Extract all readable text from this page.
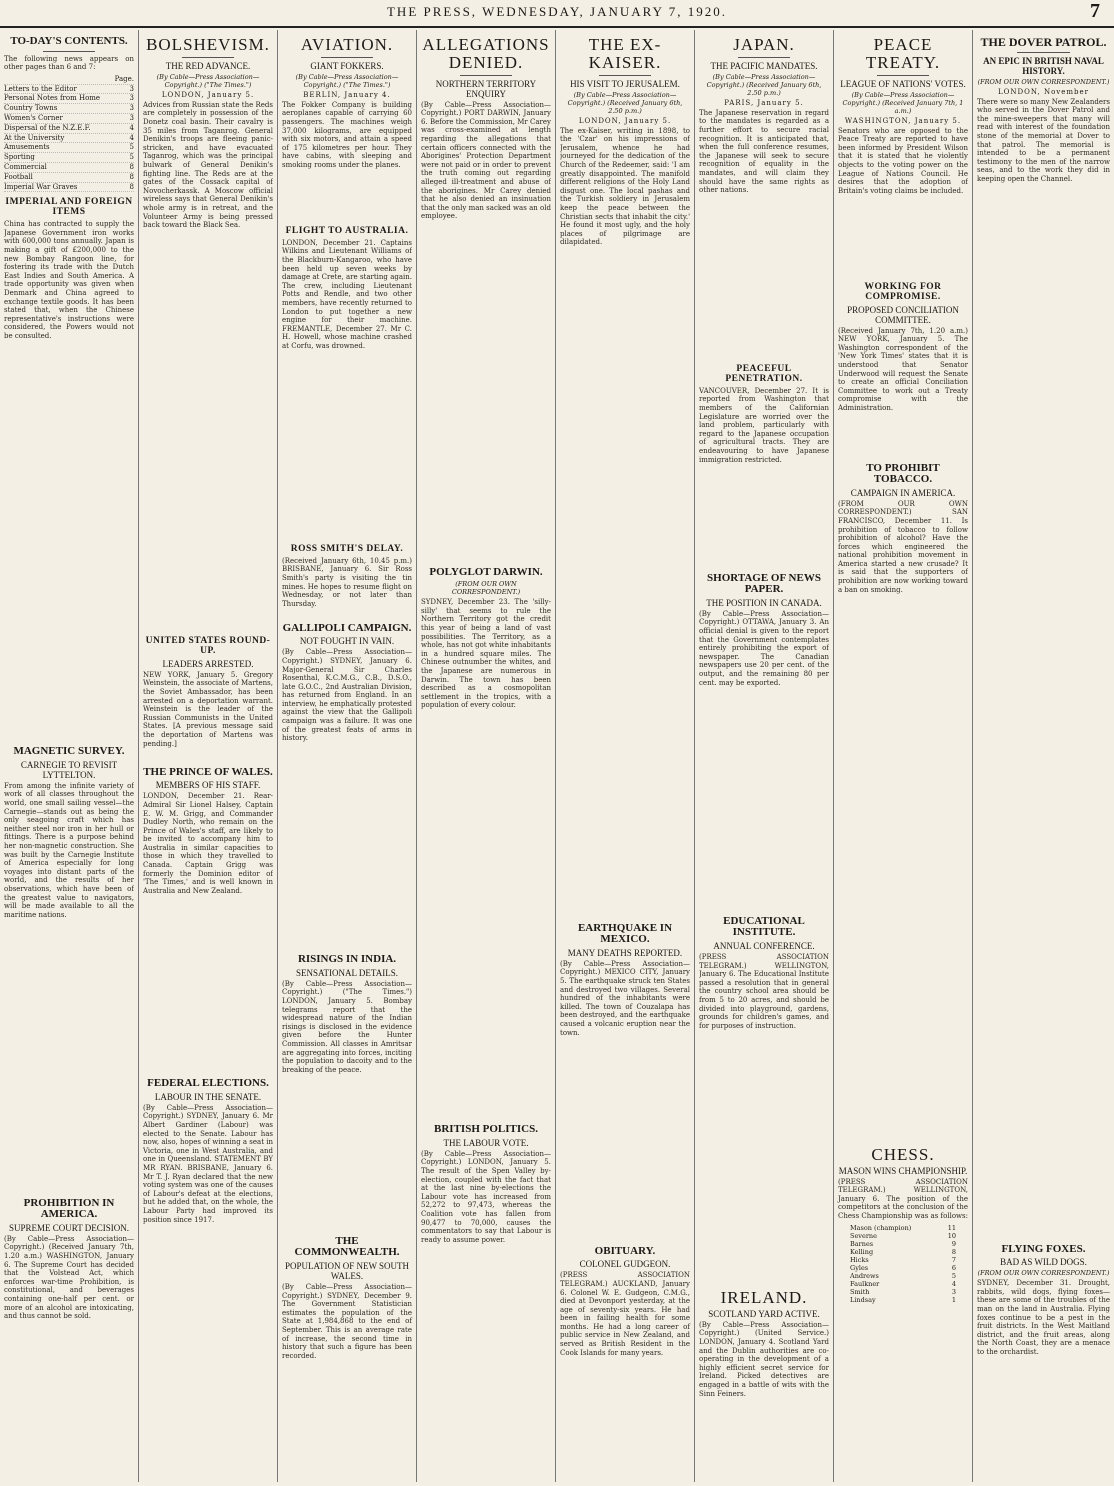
THE PRESS, WEDNESDAY, JANUARY 7, 1920.	7
TO-DAY'S CONTENTS.
The following news appears on other pages than 6 and 7:
Page.
Letters to the Editor	3
Personal Notes from Home	3
Country Towns	3
Women's Corner	3
Dispersal of the N.Z.E.F.	4
At the University	4
Amusements	5
Sporting	5
Commercial	8
Football	8
Imperial War Graves	8
IMPERIAL AND FOREIGN ITEMS
China has contracted to supply the Japanese Government iron works with 600,000 tons annually. Japan is making a gift of £200,000 to the new Bombay Rangoon line, for fostering its trade with the Dutch East Indies and South America. A trade opportunity was given when Denmark and China agreed to exchange textile goods. It has been stated that, when the Chinese representative's instructions were considered, the Powers would not be consulted.
MAGNETIC SURVEY.
CARNEGIE TO REVISIT LYTTELTON.
From among the infinite variety of work of all classes throughout the world, one small sailing vessel—the Carnegie—stands out as being the only seagoing craft which has neither steel nor iron in her hull or fittings. There is a purpose behind her non-magnetic construction. She was built by the Carnegie Institute of America especially for long voyages into distant parts of the world, and the results of her observations, which have been of the greatest value to navigators, will be made available to all the maritime nations.
PROHIBITION IN AMERICA.
SUPREME COURT DECISION.
(By Cable—Press Association—Copyright.) (Received January 7th, 1.20 a.m.) WASHINGTON, January 6. The Supreme Court has decided that the Volstead Act, which enforces war-time Prohibition, is constitutional, and beverages containing one-half per cent. or more of an alcohol are intoxicating, and thus cannot be sold.
BOLSHEVISM.
THE RED ADVANCE.
(By Cable—Press Association—Copyright.) ("The Times.")
LONDON, January 5.
Advices from Russian state the Reds are completely in possession of the Donetz coal basin. Their cavalry is 35 miles from Taganrog. General Denikin's troops are fleeing panic-stricken, and have evacuated Taganrog, which was the principal bulwark of General Denikin's fighting line. The Reds are at the gates of the Cossack capital of Novocherkassk. A Moscow official wireless says that General Denikin's whole army is in retreat, and the Volunteer Army is being pressed back toward the Black Sea.
UNITED STATES ROUND-UP.
LEADERS ARRESTED.
NEW YORK, January 5. Gregory Weinstein, the associate of Martens, the Soviet Ambassador, has been arrested on a deportation warrant. Weinstein is the leader of the Russian Communists in the United States. [A previous message said the deportation of Martens was pending.]
THE PRINCE OF WALES.
MEMBERS OF HIS STAFF.
LONDON, December 21. Rear-Admiral Sir Lionel Halsey, Captain E. W. M. Grigg, and Commander Dudley North, who remain on the Prince of Wales's staff, are likely to be invited to accompany him to Australia in similar capacities to those in which they travelled to Canada. Captain Grigg was formerly the Dominion editor of 'The Times,' and is well known in Australia and New Zealand.
FEDERAL ELECTIONS.
LABOUR IN THE SENATE.
(By Cable—Press Association—Copyright.) SYDNEY, January 6. Mr Albert Gardiner (Labour) was elected to the Senate. Labour has now, also, hopes of winning a seat in Victoria, one in West Australia, and one in Queensland. STATEMENT BY MR RYAN. BRISBANE, January 6. Mr T. J. Ryan declared that the new voting system was one of the causes of Labour's defeat at the elections, but he added that, on the whole, the Labour Party had improved its position since 1917.
AVIATION.
GIANT FOKKERS.
(By Cable—Press Association—Copyright.) ("The Times.")
BERLIN, January 4.
The Fokker Company is building aeroplanes capable of carrying 60 passengers. The machines weigh 37,000 kilograms, are equipped with six motors, and attain a speed of 175 kilometres per hour. They have cabins, with sleeping and smoking rooms under the planes.
FLIGHT TO AUSTRALIA.
LONDON, December 21. Captains Wilkins and Lieutenant Williams of the Blackburn-Kangaroo, who have been held up seven weeks by damage at Crete, are starting again. The crew, including Lieutenant Potts and Rendle, and two other members, have recently returned to London to put together a new engine for their machine. FREMANTLE, December 27. Mr C. H. Howell, whose machine crashed at Corfu, was drowned.
ROSS SMITH'S DELAY.
(Received January 6th, 10.45 p.m.) BRISBANE, January 6. Sir Ross Smith's party is visiting the tin mines. He hopes to resume flight on Wednesday, or not later than Thursday.
GALLIPOLI CAMPAIGN.
NOT FOUGHT IN VAIN.
(By Cable—Press Association—Copyright.) SYDNEY, January 6. Major-General Sir Charles Rosenthal, K.C.M.G., C.B., D.S.O., late G.O.C., 2nd Australian Division, has returned from England. In an interview, he emphatically protested against the view that the Gallipoli campaign was a failure. It was one of the greatest feats of arms in history.
RISINGS IN INDIA.
SENSATIONAL DETAILS.
(By Cable—Press Association—Copyright.) ("The Times.") LONDON, January 5. Bombay telegrams report that the widespread nature of the Indian risings is disclosed in the evidence given before the Hunter Commission. All classes in Amritsar are aggregating into forces, inciting the population to dacoity and to the breaking of the peace.
THE COMMONWEALTH.
POPULATION OF NEW SOUTH WALES.
(By Cable—Press Association—Copyright.) SYDNEY, December 9. The Government Statistician estimates the population of the State at 1,984,868 to the end of September. This is an average rate of increase, the second time in history that such a figure has been recorded.
ALLEGATIONS DENIED.
NORTHERN TERRITORY ENQUIRY
(By Cable—Press Association—Copyright.) PORT DARWIN, January 6. Before the Commission, Mr Carey was cross-examined at length regarding the allegations that certain officers connected with the Aborigines' Protection Department were not paid or in order to prevent the truth coming out regarding alleged ill-treatment and abuse of the aborigines. Mr Carey denied that he also denied an insinuation that the only man sacked was an old employee.
POLYGLOT DARWIN.
(FROM OUR OWN CORRESPONDENT.)
SYDNEY, December 23. The 'silly-silly' that seems to rule the Northern Territory got the credit this year of being a land of vast possibilities. The Territory, as a whole, has not got white inhabitants in a hundred square miles. The Chinese outnumber the whites, and the Japanese are numerous in Darwin. The town has been described as a cosmopolitan settlement in the tropics, with a population of every colour.
BRITISH POLITICS.
THE LABOUR VOTE.
(By Cable—Press Association—Copyright.) LONDON, January 5. The result of the Spen Valley by-election, coupled with the fact that at the last nine by-elections the Labour vote has increased from 52,272 to 97,473, whereas the Coalition vote has fallen from 90,477 to 70,000, causes the commentators to say that Labour is ready to assume power.
THE EX-KAISER.
HIS VISIT TO JERUSALEM.
(By Cable—Press Association—Copyright.) (Received January 6th, 2.50 p.m.)
LONDON, January 5.
The ex-Kaiser, writing in 1898, to the 'Czar' on his impressions of Jerusalem, whence he had journeyed for the dedication of the Church of the Redeemer, said: 'I am greatly disappointed. The manifold different religions of the Holy Land disgust one. The local pashas and the Turkish soldiery in Jerusalem keep the peace between the Christian sects that inhabit the city.' He found it most ugly, and the holy places of pilgrimage are dilapidated.
EARTHQUAKE IN MEXICO.
MANY DEATHS REPORTED.
(By Cable—Press Association—Copyright.) MEXICO CITY, January 5. The earthquake struck ten States and destroyed two villages. Several hundred of the inhabitants were killed. The town of Couzalapa has been destroyed, and the earthquake caused a volcanic eruption near the town.
OBITUARY.
COLONEL GUDGEON.
(PRESS ASSOCIATION TELEGRAM.) AUCKLAND, January 6. Colonel W. E. Gudgeon, C.M.G., died at Devonport yesterday, at the age of seventy-six years. He had been in failing health for some months. He had a long career of public service in New Zealand, and served as British Resident in the Cook Islands for many years.
JAPAN.
THE PACIFIC MANDATES.
(By Cable—Press Association—Copyright.) (Received January 6th, 2.50 p.m.)
PARIS, January 5.
The Japanese reservation in regard to the mandates is regarded as a further effort to secure racial recognition. It is anticipated that, when the full conference resumes, the Japanese will seek to secure recognition of equality in the mandates, and will claim they should have the same rights as other nations.
PEACEFUL PENETRATION.
VANCOUVER, December 27. It is reported from Washington that members of the Californian Legislature are worried over the land problem, particularly with regard to the Japanese occupation of agricultural tracts. They are endeavouring to have Japanese immigration restricted.
SHORTAGE OF NEWS PAPER.
THE POSITION IN CANADA.
(By Cable—Press Association—Copyright.) OTTAWA, January 3. An official denial is given to the report that the Government contemplates entirely prohibiting the export of newspaper. The Canadian newspapers use 20 per cent. of the output, and the remaining 80 per cent. may be exported.
EDUCATIONAL INSTITUTE.
ANNUAL CONFERENCE.
(PRESS ASSOCIATION TELEGRAM.) WELLINGTON, January 6. The Educational Institute passed a resolution that in general the country school area should be from 5 to 20 acres, and should be divided into playground, gardens, grounds for children's games, and for purposes of instruction.
IRELAND.
SCOTLAND YARD ACTIVE.
(By Cable—Press Association—Copyright.) (United Service.) LONDON, January 4. Scotland Yard and the Dublin authorities are co-operating in the development of a highly efficient secret service for Ireland. Picked detectives are engaged in a battle of wits with the Sinn Feiners.
PEACE TREATY.
LEAGUE OF NATIONS' VOTES.
(By Cable—Press Association—Copyright.) (Received January 7th, 1 a.m.)
WASHINGTON, January 5.
Senators who are opposed to the Peace Treaty are reported to have been informed by President Wilson that it is stated that he violently objects to the voting power on the League of Nations Council. He desires that the adoption of Britain's voting claims be included.
WORKING FOR COMPROMISE.
PROPOSED CONCILIATION COMMITTEE.
(Received January 7th, 1.20 a.m.) NEW YORK, January 5. The Washington correspondent of the 'New York Times' states that it is understood that Senator Underwood will request the Senate to create an official Conciliation Committee to work out a Treaty compromise with the Administration.
TO PROHIBIT TOBACCO.
CAMPAIGN IN AMERICA.
(FROM OUR OWN CORRESPONDENT.) SAN FRANCISCO, December 11. Is prohibition of tobacco to follow prohibition of alcohol? Have the forces which engineered the national prohibition movement in America started a new crusade? It is said that the supporters of prohibition are now working toward a ban on smoking.
CHESS.
MASON WINS CHAMPIONSHIP.
(PRESS ASSOCIATION TELEGRAM.) WELLINGTON, January 6. The position of the competitors at the conclusion of the Chess Championship was as follows:
Mason (champion)	11
Severne	10
Barnes	9
Kelling	8
Hicks	7
Gyles	6
Andrews	5
Faulkner	4
Smith	3
Lindsay	1
THE DOVER PATROL.
AN EPIC IN BRITISH NAVAL HISTORY.
(FROM OUR OWN CORRESPONDENT.)
LONDON, November
There were so many New Zealanders who served in the Dover Patrol and the mine-sweepers that many will read with interest of the foundation stone of the memorial at Dover to that patrol. The memorial is intended to be a permanent testimony to the men of the narrow seas, and to the work they did in keeping open the Channel.
FLYING FOXES.
BAD AS WILD DOGS.
(FROM OUR OWN CORRESPONDENT.)
SYDNEY, December 31. Drought, rabbits, wild dogs, flying foxes—these are some of the troubles of the man on the land in Australia. Flying foxes continue to be a pest in the fruit districts. In the West Maitland district, and the fruit areas, along the North Coast, they are a menace to the orchardist.
